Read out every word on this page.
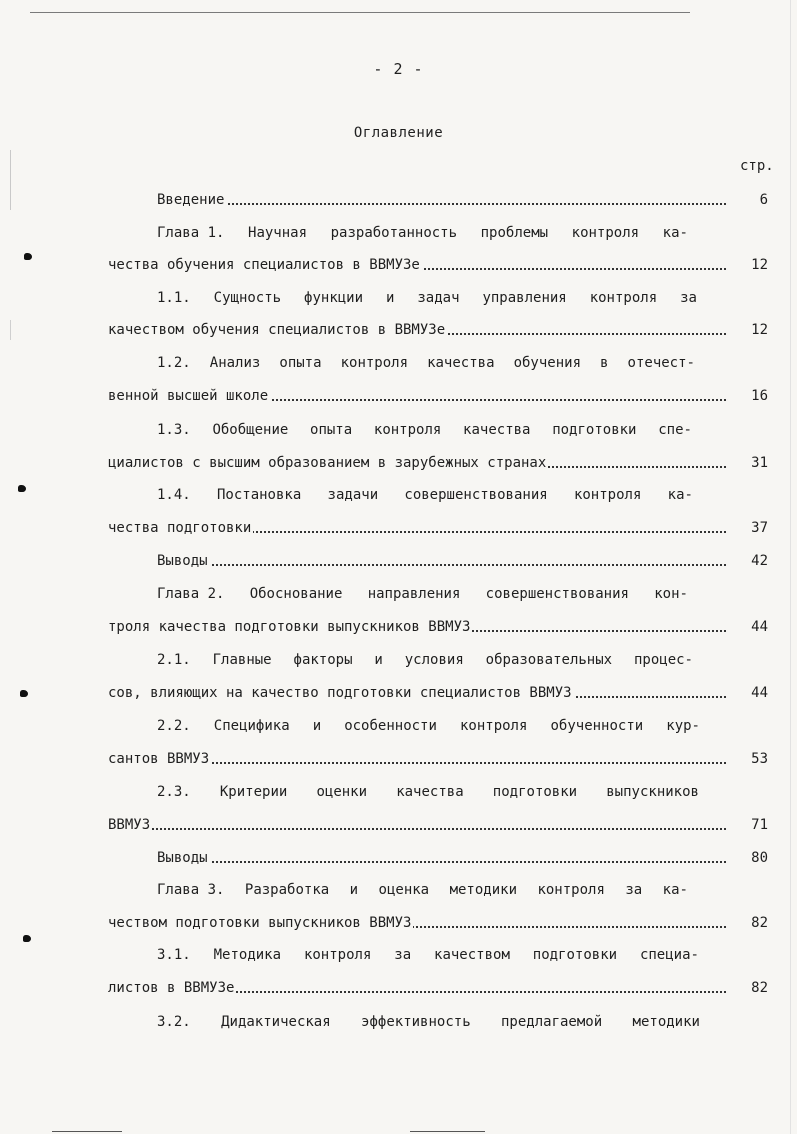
- 2 -
Оглавление
стр.
Введение	6
Глава 1. Научная разработанность проблемы контроля ка-
чества обучения специалистов в ВВМУЗе	12
1.1. Сущность функции и задач управления контроля за
качеством обучения специалистов в ВВМУЗе	12
1.2. Анализ опыта контроля качества обучения в отечест-
венной высшей школе	16
1.3. Обобщение опыта контроля качества подготовки спе-
циалистов с высшим образованием в зарубежных странах	31
1.4. Постановка задачи совершенствования контроля ка-
чества подготовки	37
Выводы	42
Глава 2. Обоснование направления совершенствования кон-
троля качества подготовки выпускников ВВМУЗ	44
2.1. Главные факторы и условия образовательных процес-
сов, влияющих на качество подготовки специалистов ВВМУЗ	44
2.2. Специфика и особенности контроля обученности кур-
сантов ВВМУЗ	53
2.3. Критерии оценки качества подготовки выпускников
ВВМУЗ	71
Выводы	80
Глава 3. Разработка и оценка методики контроля за ка-
чеством подготовки выпускников ВВМУЗ	82
3.1. Методика контроля за качеством подготовки специа-
листов в ВВМУЗе	82
3.2. Дидактическая эффективность предлагаемой методики
